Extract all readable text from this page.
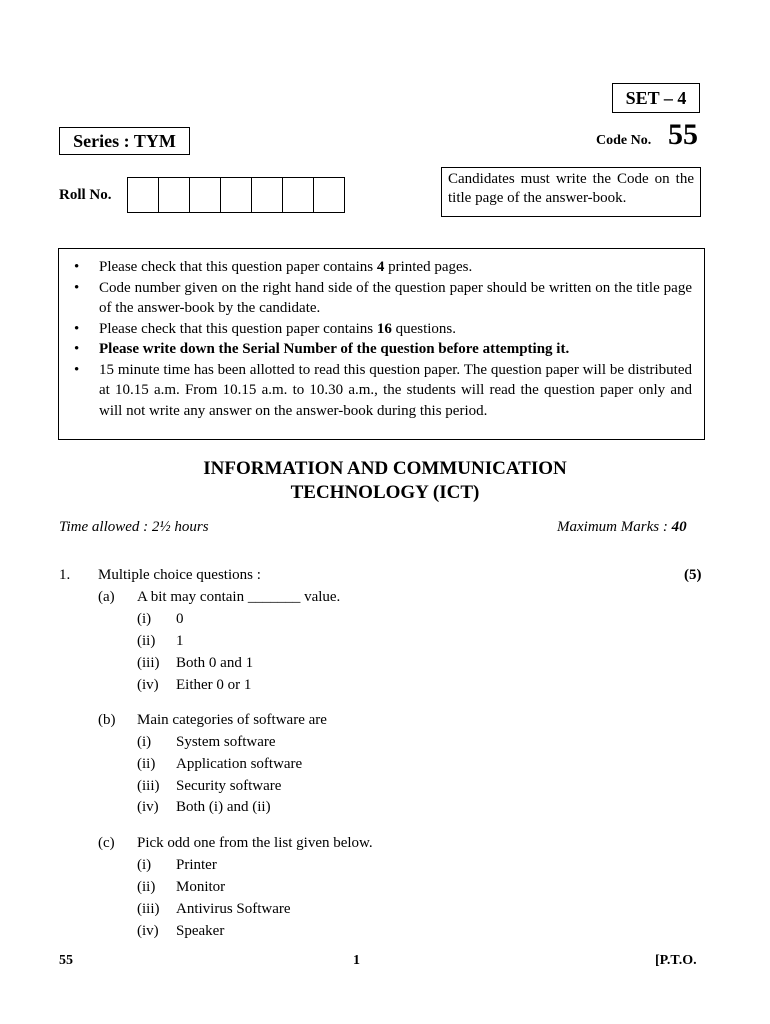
SET – 4
Series : TYM	Code No. 55
Roll No.
Candidates must write the Code on the title page of the answer-book.
• Please check that this question paper contains 4 printed pages.
• Code number given on the right hand side of the question paper should be written on the title page of the answer-book by the candidate.
• Please check that this question paper contains 16 questions.
• Please write down the Serial Number of the question before attempting it.
• 15 minute time has been allotted to read this question paper. The question paper will be distributed at 10.15 a.m. From 10.15 a.m. to 10.30 a.m., the students will read the question paper only and will not write any answer on the answer-book during this period.
INFORMATION AND COMMUNICATION
TECHNOLOGY (ICT)
Time allowed : 2½ hours	Maximum Marks : 40
1. Multiple choice questions :	(5)
(a) A bit may contain _______ value.
(i) 0
(ii) 1
(iii) Both 0 and 1
(iv) Either 0 or 1
(b) Main categories of software are
(i) System software
(ii) Application software
(iii) Security software
(iv) Both (i) and (ii)
(c) Pick odd one from the list given below.
(i) Printer
(ii) Monitor
(iii) Antivirus Software
(iv) Speaker
55	1	[P.T.O.
